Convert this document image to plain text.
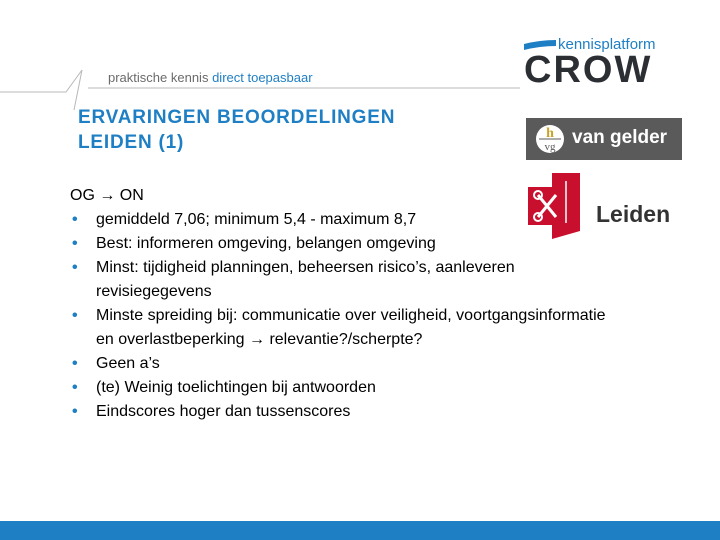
praktische kennis direct toepasbaar
ERVARINGEN BEOORDELINGEN
LEIDEN (1)
CROW
kennisplatform
h
vg van gelder
Leiden
OG → ON
• gemiddeld 7,06; minimum 5,4 - maximum 8,7
• Best: informeren omgeving, belangen omgeving
• Minst: tijdigheid planningen, beheersen risico’s, aanleveren
revisiegegevens
• Minste spreiding bij: communicatie over veiligheid, voortgangsinformatie
en overlastbeperking → relevantie?/scherpte?
• Geen a’s
• (te) Weinig toelichtingen bij antwoorden
• Eindscores hoger dan tussenscores
